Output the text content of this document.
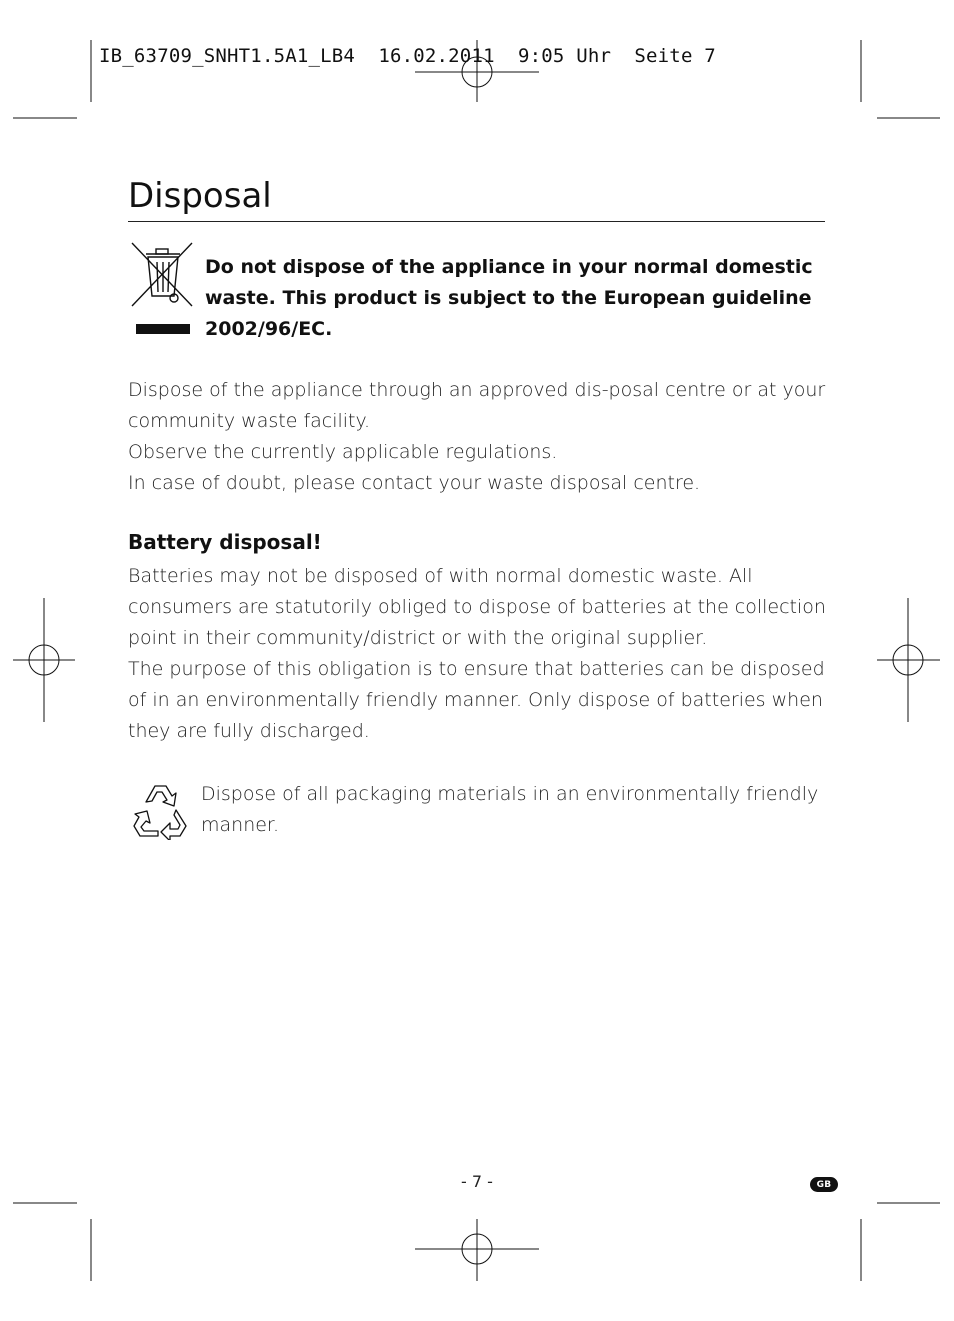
IB_63709_SNHT1.5A1_LB4  16.02.2011  9:05 Uhr  Seite 7
Disposal
Do not dispose of the appliance in your normal domestic waste. This product is subject to the European guideline 2002/96/EC.

Dispose of the appliance through an approved dis-posal centre or at your community waste facility.

Observe the currently applicable regulations.

In case of doubt, please contact your waste disposal centre.

Battery disposal!

Batteries may not be disposed of with normal domestic waste. All consumers are statutorily obliged to dispose of batteries at the collection point in their community/district or with the original supplier.

The purpose of this obligation is to ensure that batteries can be disposed of in an environmentally friendly manner. Only dispose of batteries when they are fully discharged.

Dispose of all packaging materials in an environmentally friendly manner.
- 7 -	GB
